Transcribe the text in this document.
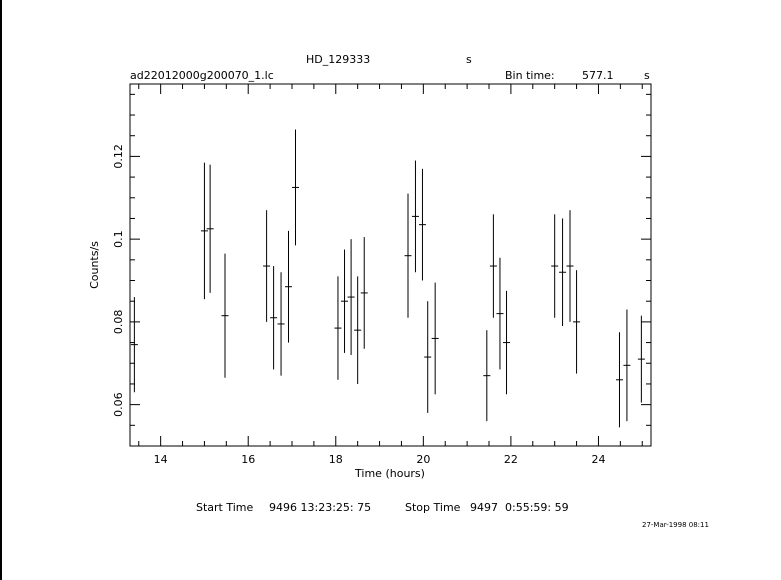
HD_129333	s
ad22012000g200070_1.lc	Bin time: 577.1	s
14	16	18	20	22	24
0.06
0.08
0.1
0.12
Time (hours)
Counts/s
Start Time 9496 13:23:25: 75	Stop Time 9497  0:55:59: 59
27-Mar-1998 08:11
